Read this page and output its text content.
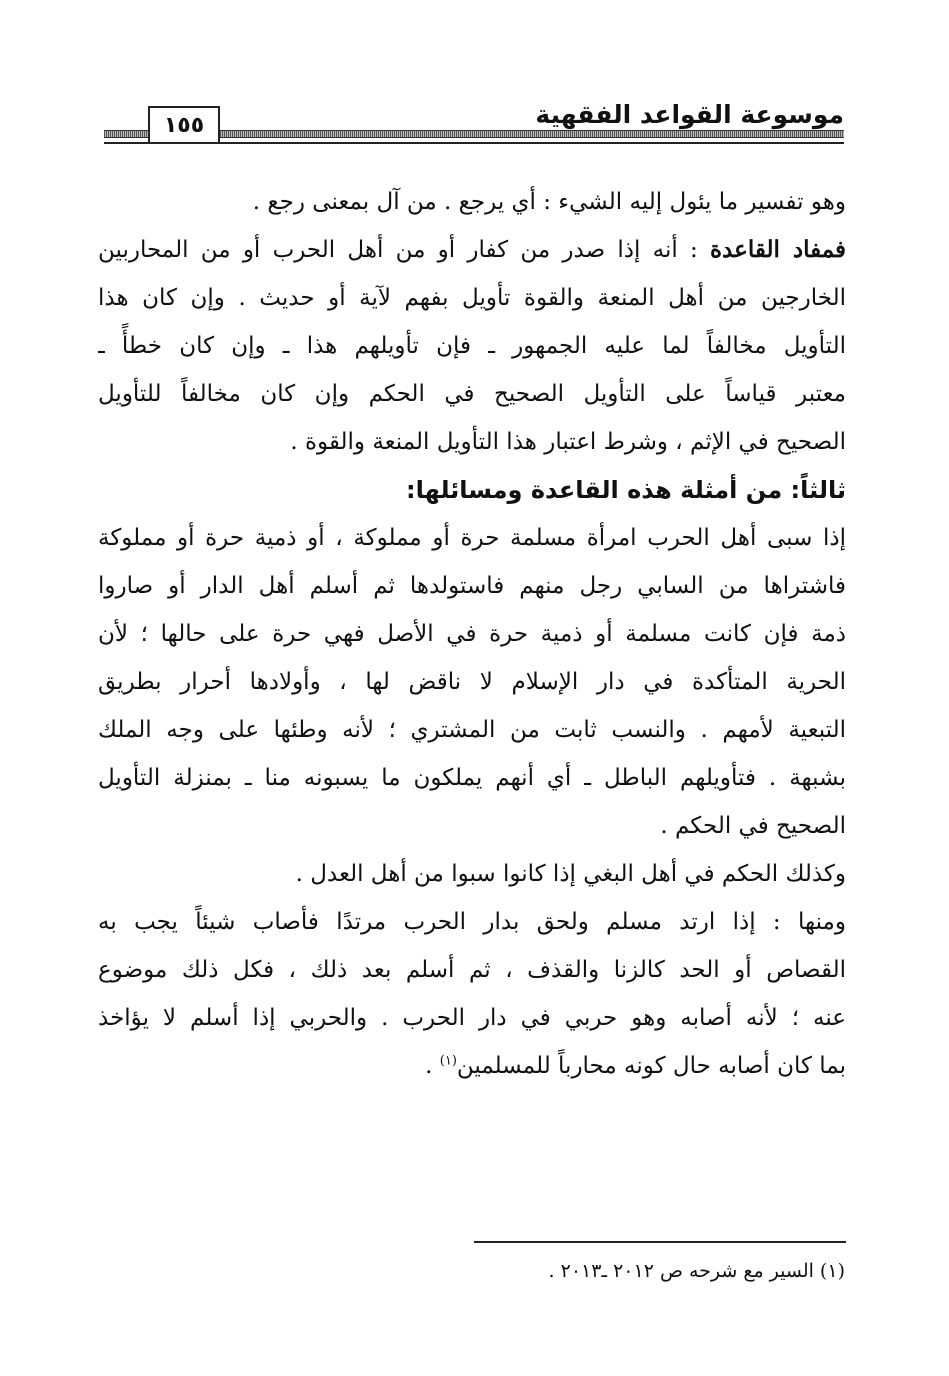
موسوعة القواعد الفقهية
١٥٥
وهو تفسير ما يئول إليه الشيء : أي يرجع . من آل بمعنى رجع .
فمفاد القاعدة : أنه إذا صدر من كفار أو من أهل الحرب أو من المحاربين
الخارجين من أهل المنعة والقوة تأويل بفهم لآية أو حديث . وإن كان هذا
التأويل مخالفاً لما عليه الجمهور ـ فإن تأويلهم هذا ـ وإن كان خطأً ـ
معتبر قياساً على التأويل الصحيح في الحكم وإن كان مخالفاً للتأويل
الصحيح في الإثم ، وشرط اعتبار هذا التأويل المنعة والقوة .
ثالثاً: من أمثلة هذه القاعدة ومسائلها:
إذا سبى أهل الحرب امرأة مسلمة حرة أو مملوكة ، أو ذمية حرة أو مملوكة
فاشتراها من السابي رجل منهم فاستولدها ثم أسلم أهل الدار أو صاروا
ذمة فإن كانت مسلمة أو ذمية حرة في الأصل فهي حرة على حالها ؛ لأن
الحرية المتأكدة في دار الإسلام لا ناقض لها ، وأولادها أحرار بطريق
التبعية لأمهم . والنسب ثابت من المشتري ؛ لأنه وطئها على وجه الملك
بشبهة . فتأويلهم الباطل ـ أي أنهم يملكون ما يسبونه منا ـ بمنزلة التأويل
الصحيح في الحكم .
وكذلك الحكم في أهل البغي إذا كانوا سبوا من أهل العدل .
ومنها : إذا ارتد مسلم ولحق بدار الحرب مرتدًا فأصاب شيئاً يجب به
القصاص أو الحد كالزنا والقذف ، ثم أسلم بعد ذلك ، فكل ذلك موضوع
عنه ؛ لأنه أصابه وهو حربي في دار الحرب . والحربي إذا أسلم لا يؤاخذ
بما كان أصابه حال كونه محارباً للمسلمين$^{(١)}$ .
(١) السير مع شرحه ص ٢٠١٢ ـ٢٠١٣ .
